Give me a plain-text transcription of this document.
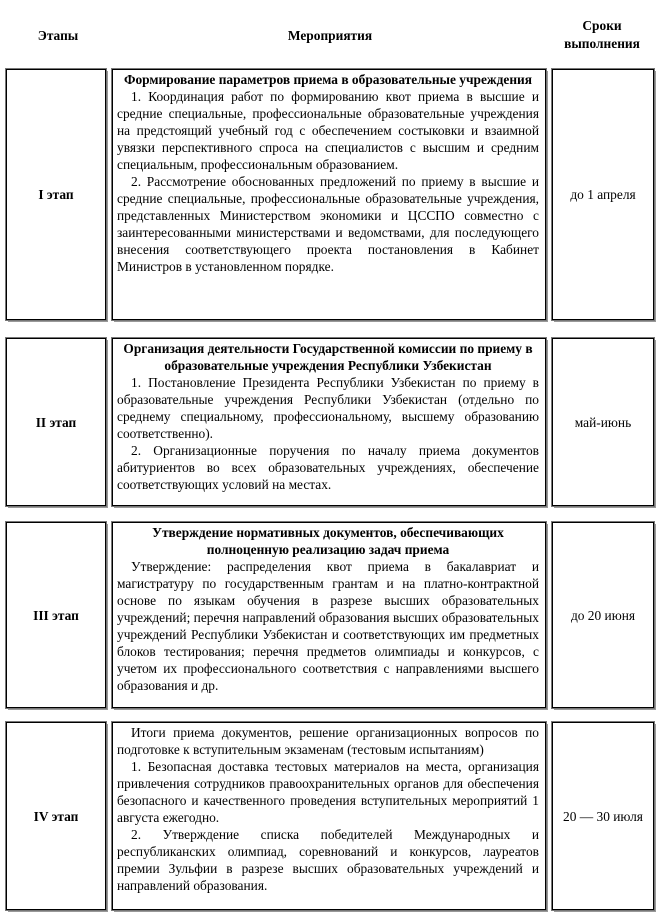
Этапы	Мероприятия
Сроки
выполнения
I этап
Формирование параметров приема в образовательные учреждения
1. Координация работ по формированию квот приема в высшие и средние специальные, профессиональные образовательные учреждения на предстоящий учебный год с обеспечением состыковки и взаимной увязки перспективного спроса на специалистов с высшим и средним специальным, профессиональным образованием.
2. Рассмотрение обоснованных предложений по приему в высшие и средние специальные, профессиональные образовательные учреждения, представленных Министерством экономики и ЦССПО совместно с заинтересованными министерствами и ведомствами, для последующего внесения соответствующего проекта постановления в Кабинет Министров в установленном порядке.
до 1 апреля
II этап
Организация деятельности Государственной комиссии по приему в образовательные учреждения Республики Узбекистан
1. Постановление Президента Республики Узбекистан по приему в образовательные учреждения Республики Узбекистан (отдельно по среднему специальному, профессиональному, высшему образованию соответственно).
2. Организационные поручения по началу приема документов абитуриентов во всех образовательных учреждениях, обеспечение соответствующих условий на местах.
май-июнь
III этап
Утверждение нормативных документов, обеспечивающих полноценную реализацию задач приема
Утверждение: распределения квот приема в бакалавриат и магистратуру по государственным грантам и на платно-контрактной основе по языкам обучения в разрезе высших образовательных учреждений; перечня направлений образования высших образовательных учреждений Республики Узбекистан и соответствующих им предметных блоков тестирования; перечня предметов олимпиады и конкурсов, с учетом их профессионального соответствия с направлениями высшего образования и др.
до 20 июня
IV этап
Итоги приема документов, решение организационных вопросов по подготовке к вступительным экзаменам (тестовым испытаниям)
1. Безопасная доставка тестовых материалов на места, организация привлечения сотрудников правоохранительных органов для обеспечения безопасного и качественного проведения вступительных мероприятий 1 августа ежегодно.
2. Утверждение списка победителей Международных и республиканских олимпиад, соревнований и конкурсов, лауреатов премии Зульфии в разрезе высших образовательных учреждений и направлений образования.
20 — 30 июля
